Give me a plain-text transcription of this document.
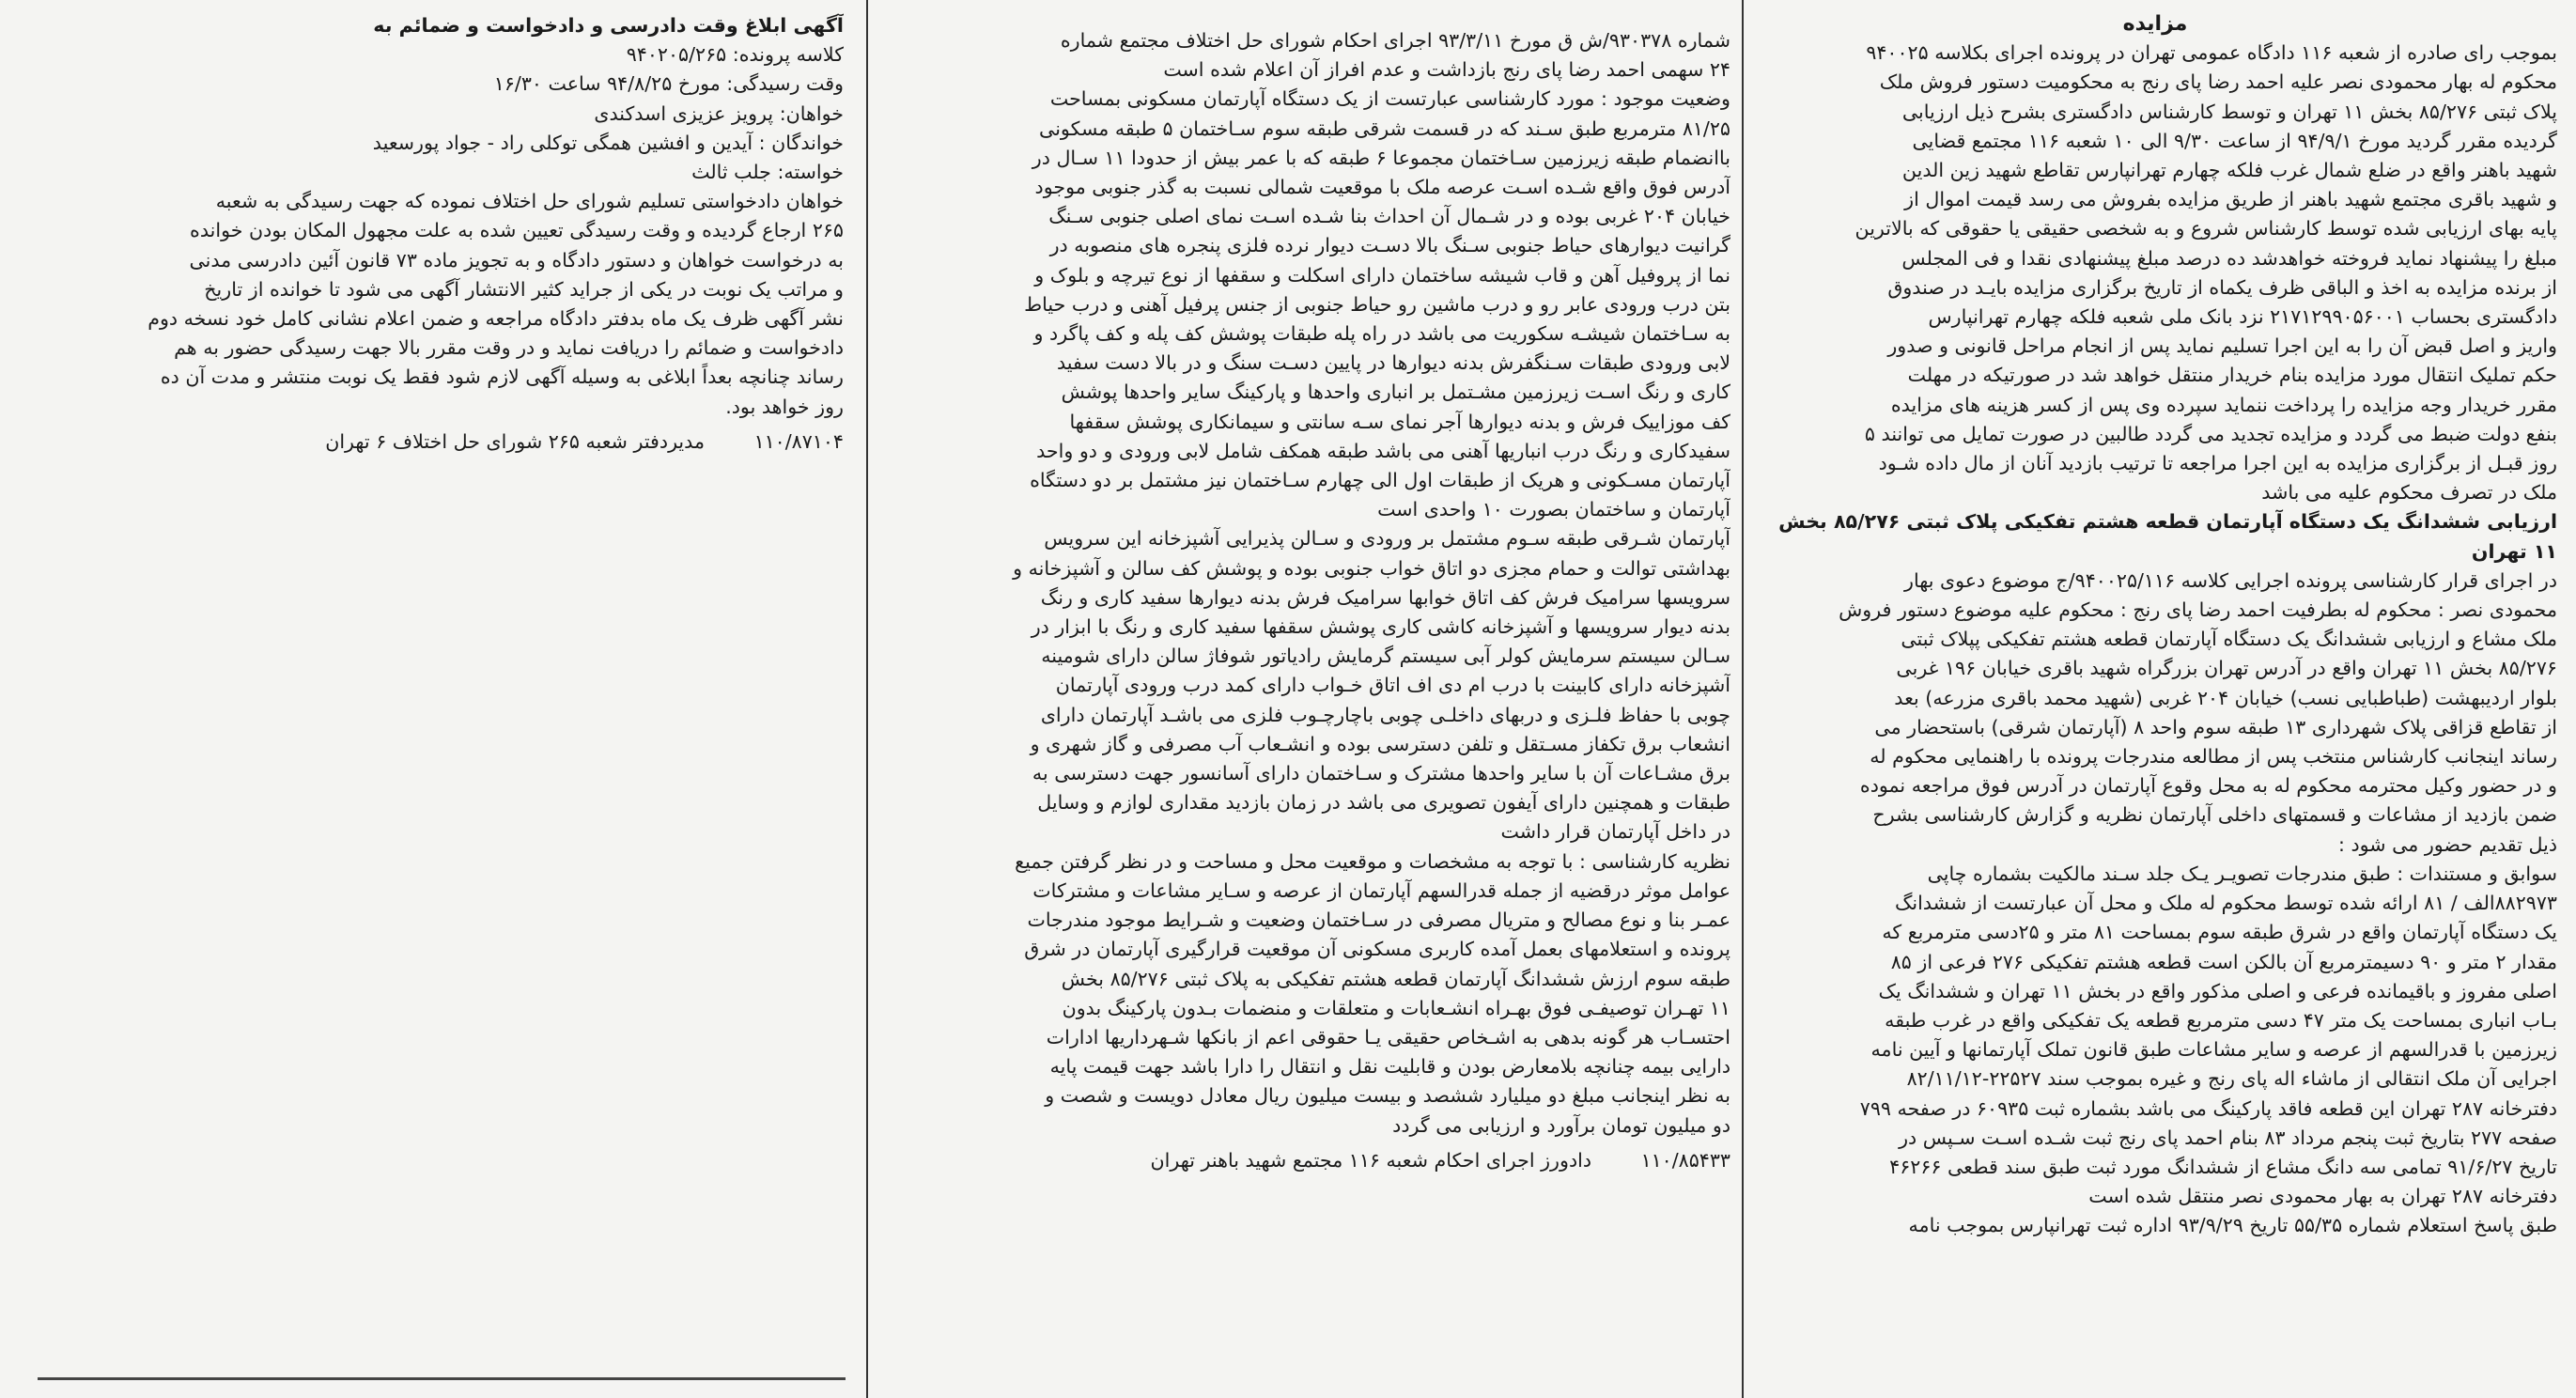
مزایده

بموجب رای صادره از شعبه ۱۱۶ دادگاه عمومی تهران در پرونده اجرای بکلاسه ۹۴۰۰۲۵

محکوم له بهار محمودی نصر علیه احمد رضا پای رنج به محکومیت دستور فروش ملک

پلاک ثبتی ۸۵/۲۷۶ بخش ۱۱ تهران و توسط کارشناس دادگستری بشرح ذیل ارزیابی

گردیده مقرر گردید مورخ ۹۴/۹/۱ از ساعت ۹/۳۰ الی ۱۰ شعبه ۱۱۶ مجتمع قضایی

شهید باهنر واقع در ضلع شمال غرب فلکه چهارم تهرانپارس تقاطع شهید زین الدین

و شهید باقری مجتمع شهید باهنر از طریق مزایده بفروش می رسد قیمت اموال از

پایه بهای ارزیابی شده توسط کارشناس شروع و به شخصی حقیقی یا حقوقی که بالاترین

مبلغ را پیشنهاد نماید فروخته خواهدشد ده درصد مبلغ پیشنهادی نقدا و فی المجلس

از برنده مزایده به اخذ و الباقی ظرف یکماه از تاریخ برگزاری مزایده بایـد در صندوق

دادگستری بحساب ۲۱۷۱۲۹۹۰۵۶۰۰۱ نزد بانک ملی شعبه فلکه چهارم تهرانپارس

واریز و اصل قبض آن را به این اجرا تسلیم نماید پس از انجام مراحل قانونی و صدور

حکم تملیک انتقال مورد مزایده بنام خریدار منتقل خواهد شد در صورتیکه در مهلت

مقرر خریدار وجه مزایده را پرداخت ننماید سپرده وی پس از کسر هزینه های مزایده

بنفع دولت ضبط می گردد و مزایده تجدید می گردد طالبین در صورت تمایل می توانند ۵

روز قبـل از برگزاری مزایده به این اجرا مراجعه تا ترتیب بازدید آنان از مال داده شـود

ملک در تصرف محکوم علیه می باشد

ارزیابی ششدانگ یک دستگاه آپارتمان قطعه هشتم تفکیکی پلاک ثبتی ۸۵/۲۷۶ بخش

۱۱ تهران

در اجرای قرار کارشناسی پرونده اجرایی کلاسه ۹۴۰۰۲۵/۱۱۶/ج موضوع دعوی بهار

محمودی نصر : محکوم له بطرفیت احمد رضا پای رنج : محکوم علیه موضوع دستور فروش

ملک مشاع و ارزیابی ششدانگ یک دستگاه آپارتمان قطعه هشتم تفکیکی پپلاک ثبتی

۸۵/۲۷۶ بخش ۱۱ تهران واقع در آدرس تهران بزرگراه شهید باقری خیابان ۱۹۶ غربی

بلوار اردیبهشت (طباطبایی نسب) خیابان ۲۰۴ غربی (شهید محمد باقری مزرعه) بعد

از تقاطع قزاقی پلاک شهرداری ۱۳ طبقه سوم واحد ۸ (آپارتمان شرقی) باستحضار می

رساند اینجانب کارشناس منتخب پس از مطالعه مندرجات پرونده با راهنمایی محکوم له

و در حضور وکیل محترمه محکوم له به محل وقوع آپارتمان در آدرس فوق مراجعه نموده

ضمن بازدید از مشاعات و قسمتهای داخلی آپارتمان نظریه و گزارش کارشناسی بشرح

ذیل تقدیم حضور می شود :

سوابق و مستندات : طبق مندرجات تصویـر یـک جلد سـند مالکیت بشماره چاپی

۸۸۲۹۷۳الف / ۸۱ ارائه شده توسط محکوم له ملک و محل آن عبارتست از ششدانگ

یک دستگاه آپارتمان واقع در شرق طبقه سوم بمساحت ۸۱ متر و ۲۵دسی مترمربع که

مقدار ۲ متر و ۹۰ دسیمترمربع آن بالکن است قطعه هشتم تفکیکی ۲۷۶ فرعی از ۸۵

اصلی مفروز و باقیمانده فرعی و اصلی مذکور واقع در بخش ۱۱ تهران و ششدانگ یک

بـاب انباری بمساحت یک متر ۴۷ دسی مترمربع قطعه یک تفکیکی واقع در غرب طبقه

زیرزمین با قدرالسهم از عرصه و سایر مشاعات طبق قانون تملک آپارتمانها و آیین نامه

اجرایی آن ملک انتقالی از ماشاء اله پای رنج و غیره بموجب سند ۲۲۵۲۷-۸۲/۱۱/۱۲

دفترخانه ۲۸۷ تهران این قطعه فاقد پارکینگ می باشد بشماره ثبت ۶۰۹۳۵ در صفحه ۷۹۹

صفحه ۲۷۷ بتاریخ ثبت پنجم مرداد ۸۳ بنام احمد پای رنج ثبت شـده اسـت سـپس در

تاریخ ۹۱/۶/۲۷ تمامی سه دانگ مشاع از ششدانگ مورد ثبت طبق سند قطعی ۴۶۲۶۶

دفترخانه ۲۸۷ تهران به بهار محمودی نصر منتقل شده است

طبق پاسخ استعلام شماره ۵۵/۳۵ تاریخ ۹۳/۹/۲۹ اداره ثبت تهرانپارس بموجب نامه

شماره ۹۳۰۳۷۸/ش ق مورخ ۹۳/۳/۱۱ اجرای احکام شورای حل اختلاف مجتمع شماره

۲۴ سهمی احمد رضا پای رنج بازداشت و عدم افراز آن اعلام شده است

وضعیت موجود : مورد کارشناسی عبارتست از یک دستگاه آپارتمان مسکونی بمساحت

۸۱/۲۵ مترمربع طبق سـند که در قسمت شرقی طبقه سوم سـاختمان ۵ طبقه مسکونی

باانضمام طبقه زیرزمین سـاختمان مجموعا ۶ طبقه که با عمر بیش از حدودا ۱۱ سـال در

آدرس فوق واقع شـده اسـت عرصه ملک با موقعیت شمالی نسبت به گذر جنوبی موجود

خیابان ۲۰۴ غربی بوده و در شـمال آن احداث بنا شـده اسـت نمای اصلی جنوبی سـنگ

گرانیت دیوارهای حیاط جنوبی سـنگ بالا دسـت دیوار نرده فلزی پنجره های منصوبه در

نما از پروفیل آهن و قاب شیشه ساختمان دارای اسکلت و سقفها از نوع تیرچه و بلوک و

بتن درب ورودی عابر رو و درب ماشین رو حیاط جنوبی از جنس پرفیل آهنی و درب حیاط

به سـاختمان شیشـه سکوریت می باشد در راه پله طبقات پوشش کف پله و کف پاگرد و

لابی ورودی طبقات سـنگفرش بدنه دیوارها در پایین دسـت سنگ و در بالا دست سفید

کاری و رنگ اسـت زیرزمین مشـتمل بر انباری واحدها و پارکینگ سایر واحدها پوشش

کف موزاییک فرش و بدنه دیوارها آجر نمای سـه سانتی و سیمانکاری پوشش سقفها

سفیدکاری و رنگ درب انباریها آهنی می باشد طبقه همکف شامل لابی ورودی و دو واحد

آپارتمان مسـکونی و هریک از طبقات اول الی چهارم سـاختمان نیز مشتمل بر دو دستگاه

آپارتمان و ساختمان بصورت ۱۰ واحدی است

آپارتمان شـرقی طبقه سـوم مشتمل بر ورودی و سـالن پذیرایی آشپزخانه این سرویس

بهداشتی توالت و حمام مجزی دو اتاق خواب جنوبی بوده و پوشش کف سالن و آشپزخانه و

سرویسها سرامیک فرش کف اتاق خوابها سرامیک فرش بدنه دیوارها سفید کاری و رنگ

بدنه دیوار سرویسها و آشپزخانه کاشی کاری پوشش سقفها سفید کاری و رنگ با ابزار در

سـالن سیستم سرمایش کولر آبی سیستم گرمایش رادیاتور شوفاژ سالن دارای شومینه

آشپزخانه دارای کابینت با درب ام دی اف اتاق خـواب دارای کمد درب ورودی آپارتمان

چوبی با حفاظ فلـزی و دربهای داخلـی چوبی باچارچـوب فلزی می باشـد آپارتمان دارای

انشعاب برق تکفاز مسـتقل و تلفن دسترسی بوده و انشـعاب آب مصرفی و گاز شهری و

برق مشـاعات آن با سایر واحدها مشترک و سـاختمان دارای آسانسور جهت دسترسی به

طبقات و همچنین دارای آیفون تصویری می باشد در زمان بازدید مقداری لوازم و وسایل

در داخل آپارتمان قرار داشت

نظریه کارشناسی : با توجه به مشخصات و موقعیت محل و مساحت و در نظر گرفتن جمیع

عوامل موثر درقضیه از جمله قدرالسهم آپارتمان از عرصه و سـایر مشاعات و مشترکات

عمـر بنا و نوع مصالح و متریال مصرفی در سـاختمان وضعیت و شـرایط موجود مندرجات

پرونده و استعلامهای بعمل آمده کاربری مسکونی آن موقعیت قرارگیری آپارتمان در شرق

طبقه سوم ارزش ششدانگ آپارتمان قطعه هشتم تفکیکی به پلاک ثبتی ۸۵/۲۷۶ بخش

۱۱ تهـران توصیفـی فوق بهـراه انشـعابات و متعلقات و منضمات بـدون پارکینگ بدون

احتسـاب هر گونه بدهی به اشـخاص حقیقی یـا حقوقی اعم از بانکها شـهرداریها ادارات

دارایی بیمه چنانچه بلامعارض بودن و قابلیت نقل و انتقال را دارا باشد جهت قیمت پایه

به نظر اینجانب مبلغ دو میلیارد ششصد و بیست میلیون ریال معادل دویست و شصت و

دو میلیون تومان برآورد و ارزیابی می گردد

۱۱۰/۸۵۴۳۳ دادورز اجرای احکام شعبه ۱۱۶ مجتمع شهید باهنر تهران

آگهی ابلاغ وقت دادرسی و دادخواست و ضمائم به

کلاسه پرونده: ۹۴۰۲۰۵/۲۶۵

وقت رسیدگی: مورخ ۹۴/۸/۲۵ ساعت ۱۶/۳۰

خواهان: پرویز عزیزی اسدکندی

خواندگان : آیدین و افشین همگی توکلی راد - جواد پورسعید

خواسته: جلب ثالث

خواهان دادخواستی تسلیم شورای حل اختلاف نموده که جهت رسیدگی به شعبه

۲۶۵ ارجاع گردیده و وقت رسیدگی تعیین شده به علت مجهول المکان بودن خوانده

به درخواست خواهان و دستور دادگاه و به تجویز ماده ۷۳ قانون آئین دادرسی مدنی

و مراتب یک نوبت در یکی از جراید کثیر الانتشار آگهی می شود تا خوانده از تاریخ

نشر آگهی ظرف یک ماه بدفتر دادگاه مراجعه و ضمن اعلام نشانی کامل خود نسخه دوم

دادخواست و ضمائم را دریافت نماید و در وقت مقرر بالا جهت رسیدگی حضور به هم

رساند چنانچه بعداً ابلاغی به وسیله آگهی لازم شود فقط یک نوبت منتشر و مدت آن ده

روز خواهد بود.

۱۱۰/۸۷۱۰۴ مدیردفتر شعبه ۲۶۵ شورای حل اختلاف ۶ تهران
